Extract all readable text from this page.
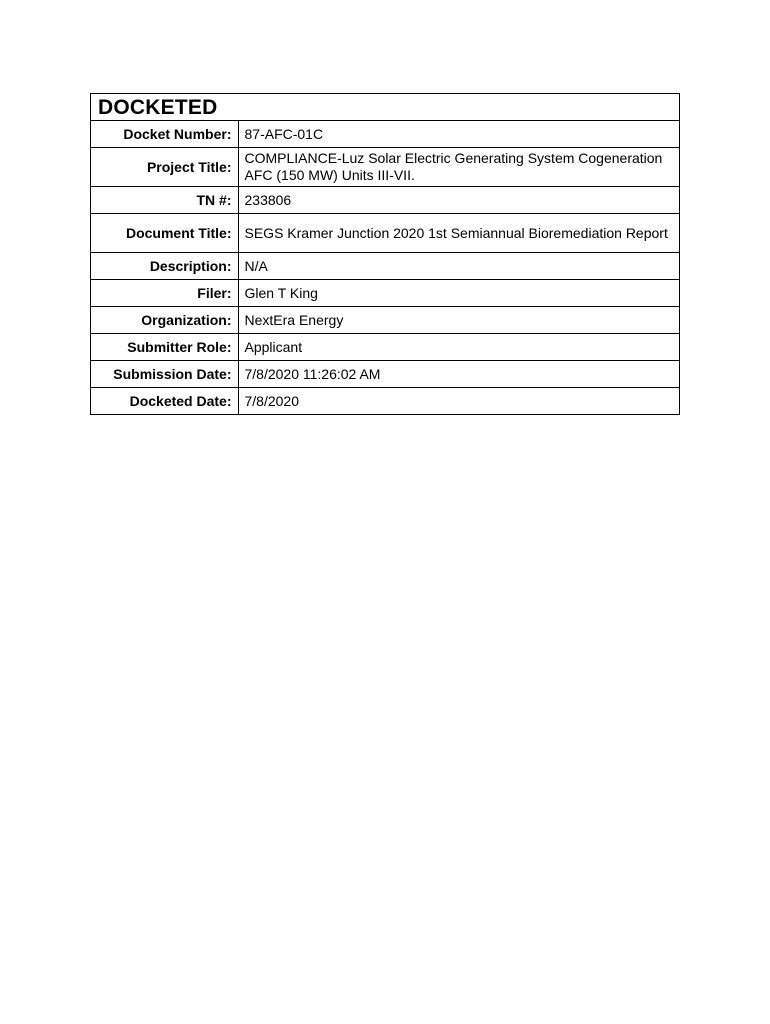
DOCKETED
Docket Number:	87-AFC-01C
Project Title:	COMPLIANCE-Luz Solar Electric Generating System Cogeneration AFC (150 MW) Units III-VII.
TN #:	233806
Document Title:	SEGS Kramer Junction 2020 1st Semiannual Bioremediation Report
Description:	N/A
Filer:	Glen T King
Organization:	NextEra Energy
Submitter Role:	Applicant
Submission Date:	7/8/2020 11:26:02 AM
Docketed Date:	7/8/2020
